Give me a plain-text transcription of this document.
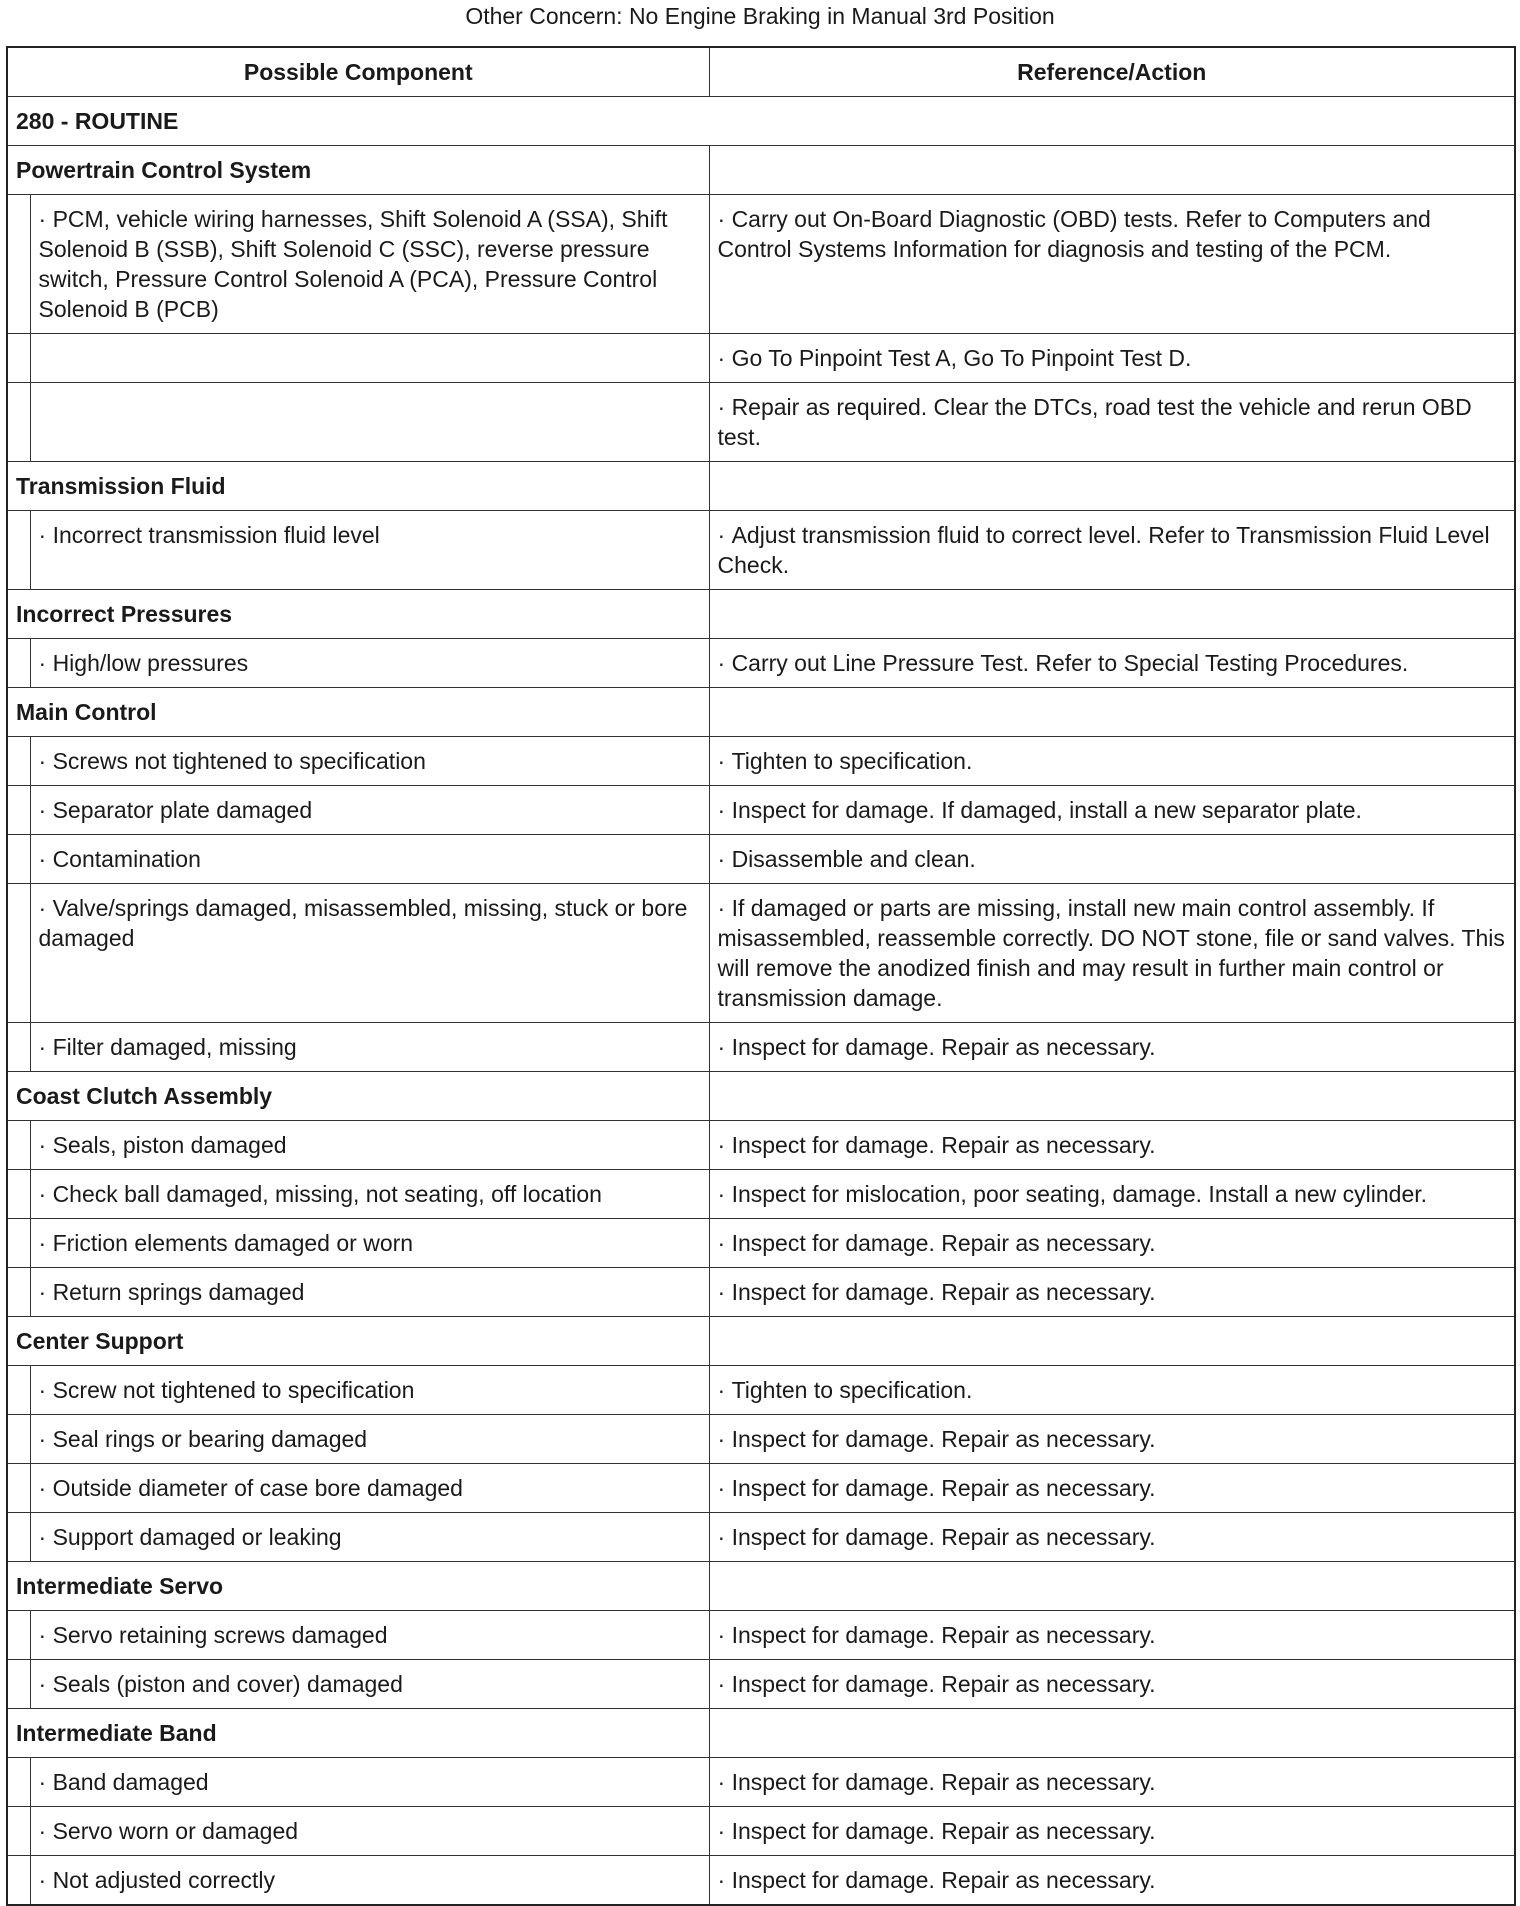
Other Concern: No Engine Braking in Manual 3rd Position
Possible Component		Reference/Action
280 - ROUTINE		
Powertrain Control System		
	· PCM, vehicle wiring harnesses, Shift Solenoid A (SSA), Shift Solenoid B (SSB), Shift Solenoid C (SSC), reverse pressure switch, Pressure Control Solenoid A (PCA), Pressure Control Solenoid B (PCB)	· Carry out On-Board Diagnostic (OBD) tests. Refer to Computers and Control Systems Information for diagnosis and testing of the PCM.
		· Go To Pinpoint Test A, Go To Pinpoint Test D.
		· Repair as required. Clear the DTCs, road test the vehicle and rerun OBD test.
Transmission Fluid		
	· Incorrect transmission fluid level	· Adjust transmission fluid to correct level. Refer to Transmission Fluid Level Check.
Incorrect Pressures		
	· High/low pressures	· Carry out Line Pressure Test. Refer to Special Testing Procedures.
Main Control		
	· Screws not tightened to specification	· Tighten to specification.
	· Separator plate damaged	· Inspect for damage. If damaged, install a new separator plate.
	· Contamination	· Disassemble and clean.
	· Valve/springs damaged, misassembled, missing, stuck or bore damaged	· If damaged or parts are missing, install new main control assembly. If misassembled, reassemble correctly. DO NOT stone, file or sand valves. This will remove the anodized finish and may result in further main control or transmission damage.
	· Filter damaged, missing	· Inspect for damage. Repair as necessary.
Coast Clutch Assembly		
	· Seals, piston damaged	· Inspect for damage. Repair as necessary.
	· Check ball damaged, missing, not seating, off location	· Inspect for mislocation, poor seating, damage. Install a new cylinder.
	· Friction elements damaged or worn	· Inspect for damage. Repair as necessary.
	· Return springs damaged	· Inspect for damage. Repair as necessary.
Center Support		
	· Screw not tightened to specification	· Tighten to specification.
	· Seal rings or bearing damaged	· Inspect for damage. Repair as necessary.
	· Outside diameter of case bore damaged	· Inspect for damage. Repair as necessary.
	· Support damaged or leaking	· Inspect for damage. Repair as necessary.
Intermediate Servo		
	· Servo retaining screws damaged	· Inspect for damage. Repair as necessary.
	· Seals (piston and cover) damaged	· Inspect for damage. Repair as necessary.
Intermediate Band		
	· Band damaged	· Inspect for damage. Repair as necessary.
	· Servo worn or damaged	· Inspect for damage. Repair as necessary.
	· Not adjusted correctly	· Inspect for damage. Repair as necessary.
